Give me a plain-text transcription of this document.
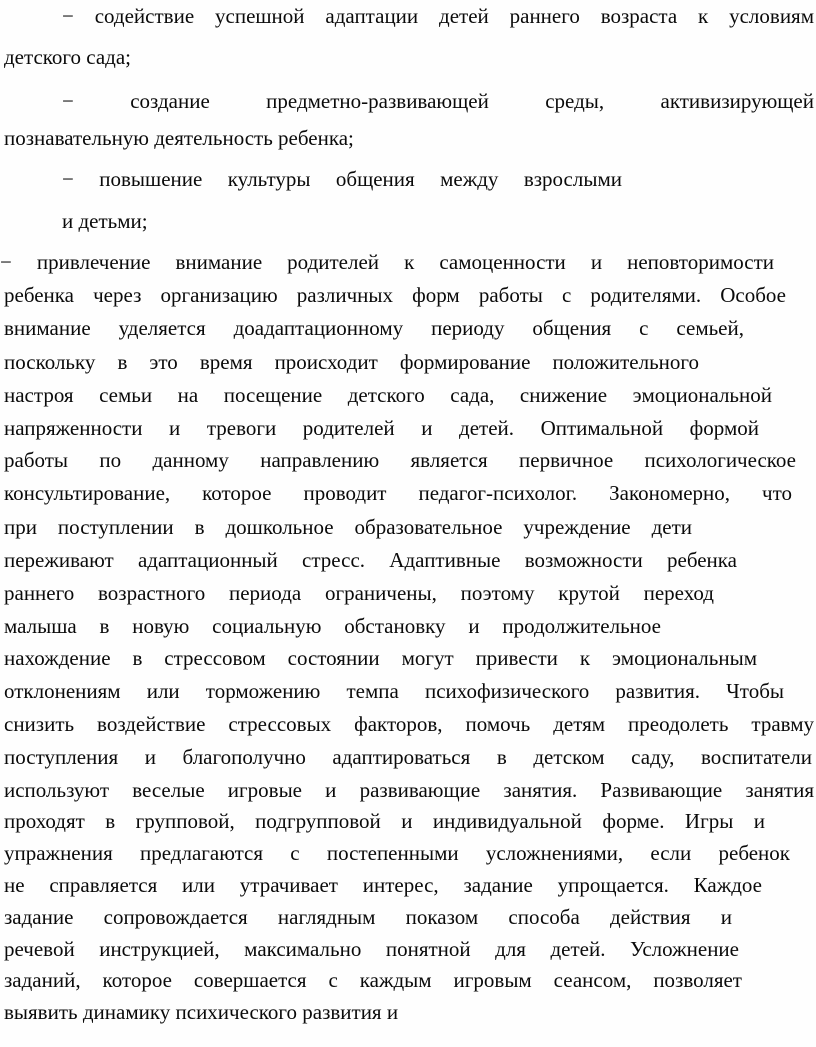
− содействие успешной адаптации детей раннего возраста к условиям
детского сада;
− создание предметно-развивающей среды, активизирующей
познавательную деятельность ребенка;
− повышение культуры общения между взрослыми
и детьми;
− привлечение внимание родителей к самоценности и неповторимости
ребенка через организацию различных форм работы с родителями. Особое
внимание уделяется доадаптационному периоду общения с семьей,
поскольку в это время происходит формирование положительного
настроя семьи на посещение детского сада, снижение эмоциональной
напряженности и тревоги родителей и детей. Оптимальной формой
работы по данному направлению является первичное психологическое
консультирование, которое проводит педагог-психолог. Закономерно, что
при поступлении в дошкольное образовательное учреждение дети
переживают адаптационный стресс. Адаптивные возможности ребенка
раннего возрастного периода ограничены, поэтому крутой переход
малыша в новую социальную обстановку и продолжительное
нахождение в стрессовом состоянии могут привести к эмоциональным
отклонениям или торможению темпа психофизического развития. Чтобы
снизить воздействие стрессовых факторов, помочь детям преодолеть травму
поступления и благополучно адаптироваться в детском саду, воспитатели
используют веселые игровые и развивающие занятия. Развивающие занятия
проходят в групповой, подгрупповой и индивидуальной форме. Игры и
упражнения предлагаются с постепенными усложнениями, если ребенок
не справляется или утрачивает интерес, задание упрощается. Каждое
задание сопровождается наглядным показом способа действия и
речевой инструкцией, максимально понятной для детей. Усложнение
заданий, которое совершается с каждым игровым сеансом, позволяет
выявить динамику психического развития и
